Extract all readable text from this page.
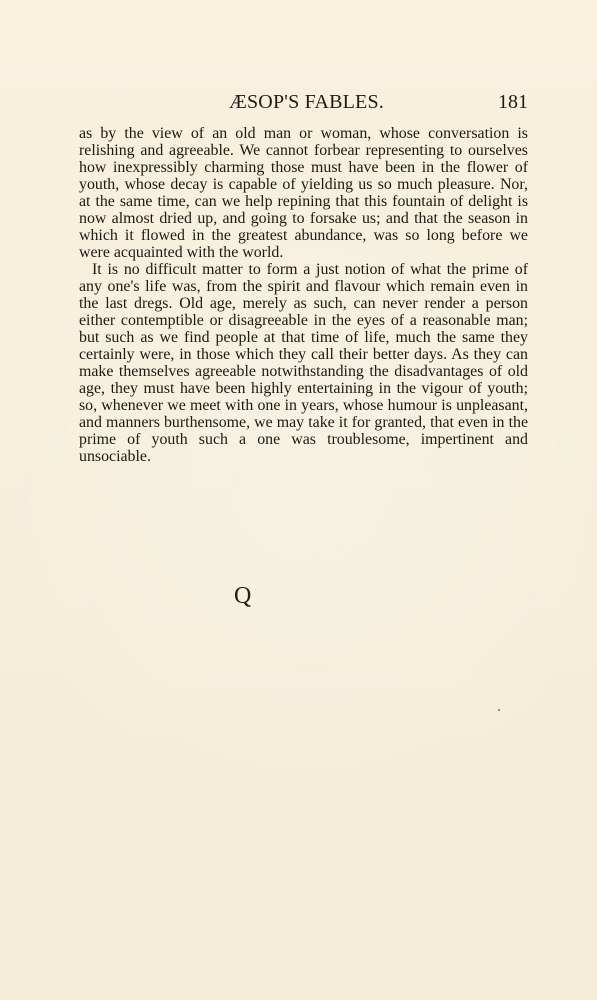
ÆSOP'S FABLES.	181

as by the view of an old man or woman, whose conversation is relishing and agreeable. We cannot forbear representing to ourselves how inexpressibly charming those must have been in the flower of youth, whose decay is capable of yielding us so much pleasure. Nor, at the same time, can we help repining that this fountain of delight is now almost dried up, and going to forsake us; and that the season in which it flowed in the greatest abundance, was so long before we were acquainted with the world.

It is no difficult matter to form a just notion of what the prime of any one's life was, from the spirit and flavour which remain even in the last dregs. Old age, merely as such, can never render a person either contemptible or disagreeable in the eyes of a reasonable man; but such as we find people at that time of life, much the same they certainly were, in those which they call their better days. As they can make themselves agreeable notwithstanding the disadvantages of old age, they must have been highly entertaining in the vigour of youth; so, whenever we meet with one in years, whose humour is unpleasant, and manners burthensome, we may take it for granted, that even in the prime of youth such a one was troublesome, impertinent and unsociable.

Q
